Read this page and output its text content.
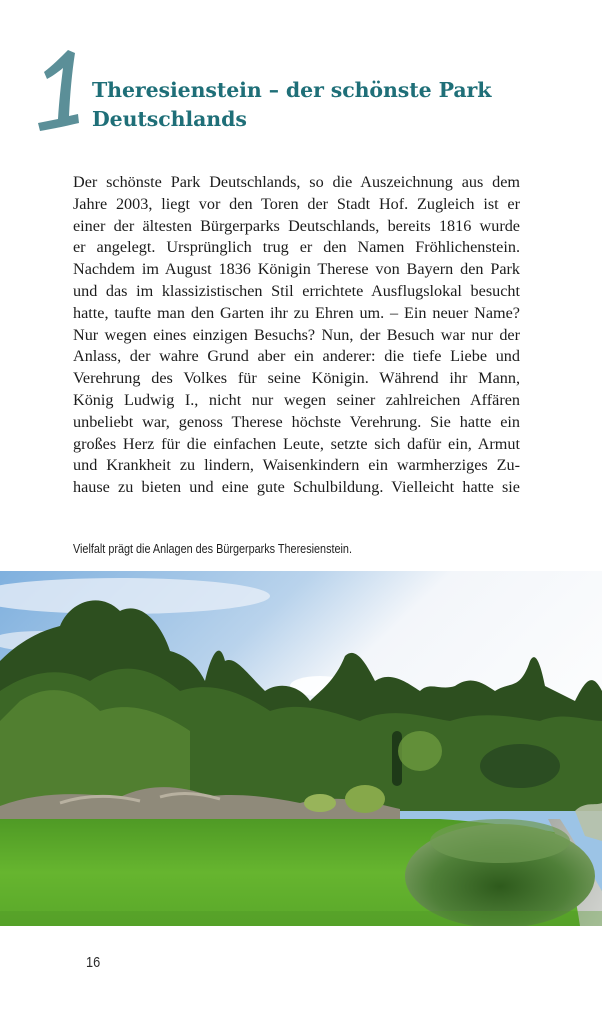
Theresienstein – der schönste Park
Deutschlands
Der schönste Park Deutschlands, so die Auszeichnung aus dem
Jahre 2003, liegt vor den Toren der Stadt Hof. Zugleich ist er
einer der ältesten Bürgerparks Deutschlands, bereits 1816 wurde
er angelegt. Ursprünglich trug er den Namen Fröhlichenstein.
Nachdem im August 1836 Königin Therese von Bayern den Park
und das im klassizistischen Stil errichtete Ausflugslokal besucht
hatte, taufte man den Garten ihr zu Ehren um. – Ein neuer Name?
Nur wegen eines einzigen Besuchs? Nun, der Besuch war nur der
Anlass, der wahre Grund aber ein anderer: die tiefe Liebe und
Verehrung des Volkes für seine Königin. Während ihr Mann,
König Ludwig I., nicht nur wegen seiner zahlreichen Affären
unbeliebt war, genoss Therese höchste Verehrung. Sie hatte ein
großes Herz für die einfachen Leute, setzte sich dafür ein, Armut
und Krankheit zu lindern, Waisenkindern ein warmherziges Zu-
hause zu bieten und eine gute Schulbildung. Vielleicht hatte sie

Vielfalt prägt die Anlagen des Bürgerparks Theresienstein.

16
